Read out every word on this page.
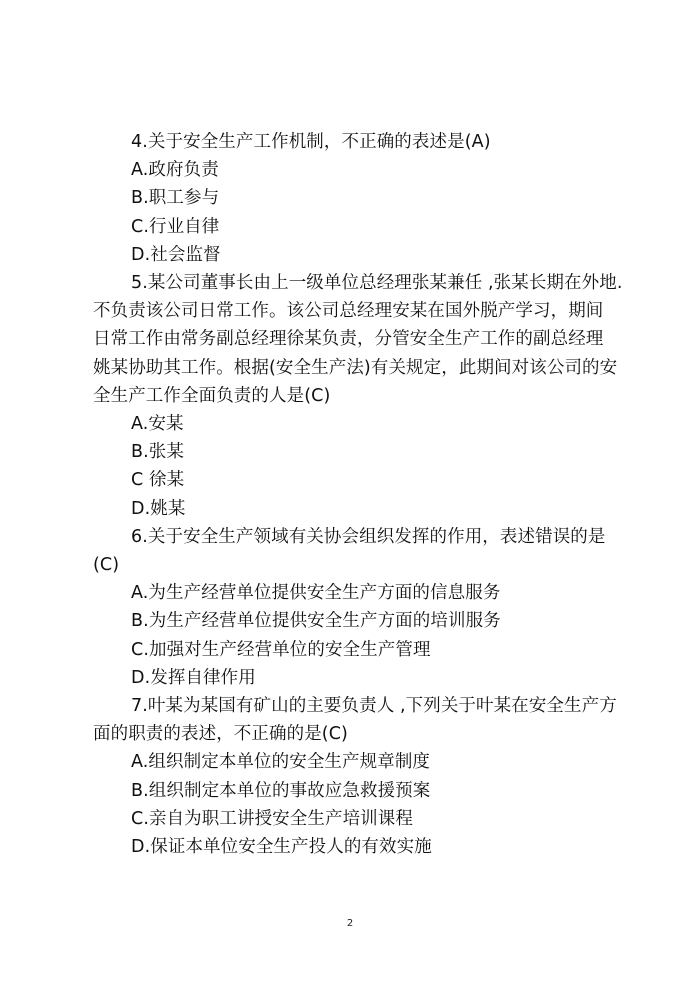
4.关于安全生产工作机制，不正确的表述是(A)
A.政府负责
B.职工参与
C.行业自律
D.社会监督
5.某公司董事长由上一级单位总经理张某兼任 ,张某长期在外地.
不负责该公司日常工作。该公司总经理安某在国外脱产学习，期间
日常工作由常务副总经理徐某负责，分管安全生产工作的副总经理
姚某协助其工作。根据(安全生产法)有关规定，此期间对该公司的安
全生产工作全面负责的人是(C)
A.安某
B.张某
C 徐某
D.姚某
6.关于安全生产领域有关协会组织发挥的作用，表述错误的是
(C)
A.为生产经营单位提供安全生产方面的信息服务
B.为生产经营单位提供安全生产方面的培训服务
C.加强对生产经营单位的安全生产管理
D.发挥自律作用
7.叶某为某国有矿山的主要负责人 ,下列关于叶某在安全生产方
面的职责的表述，不正确的是(C)
A.组织制定本单位的安全生产规章制度
B.组织制定本单位的事故应急救援预案
C.亲自为职工讲授安全生产培训课程
D.保证本单位安全生产投人的有效实施
2
